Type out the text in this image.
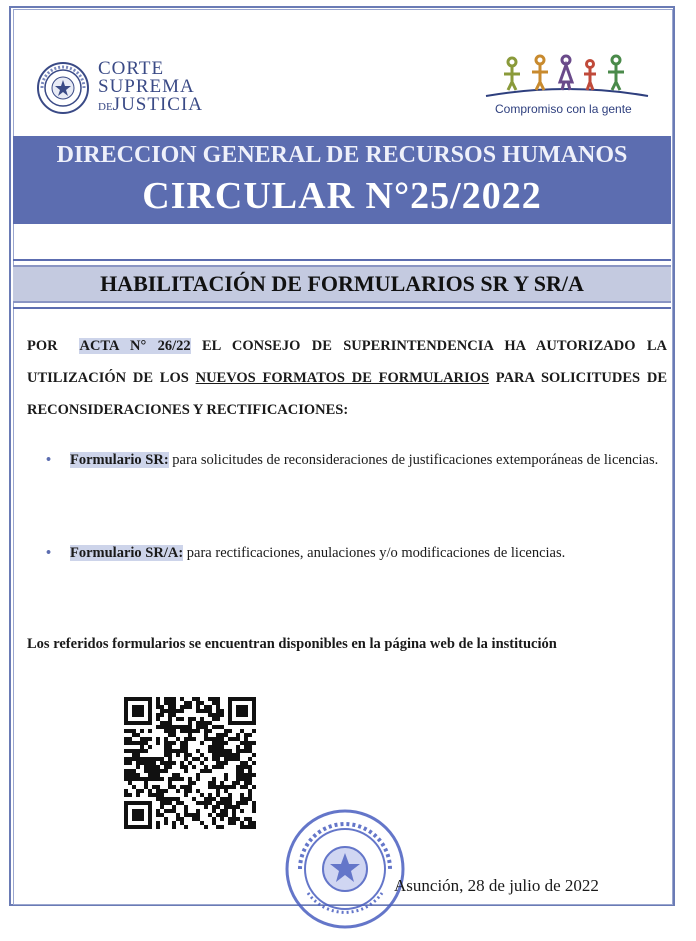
CORTE
SUPREMA
DEJUSTICIA	Compromiso con la gente
DIRECCION GENERAL DE RECURSOS HUMANOS
CIRCULAR N°25/2022
HABILITACIÓN DE FORMULARIOS SR Y SR/A
POR ACTA N° 26/22 EL CONSEJO DE SUPERINTENDENCIA HA AUTORIZADO LA UTILIZACIÓN DE LOS NUEVOS FORMATOS DE FORMULARIOS PARA SOLICITUDES DE RECONSIDERACIONES Y RECTIFICACIONES:
• Formulario SR: para solicitudes de reconsideraciones de justificaciones extemporáneas de licencias.
• Formulario SR/A: para rectificaciones, anulaciones y/o modificaciones de licencias.
Los referidos formularios se encuentran disponibles en la página web de la institución
Asunción, 28 de julio de 2022
